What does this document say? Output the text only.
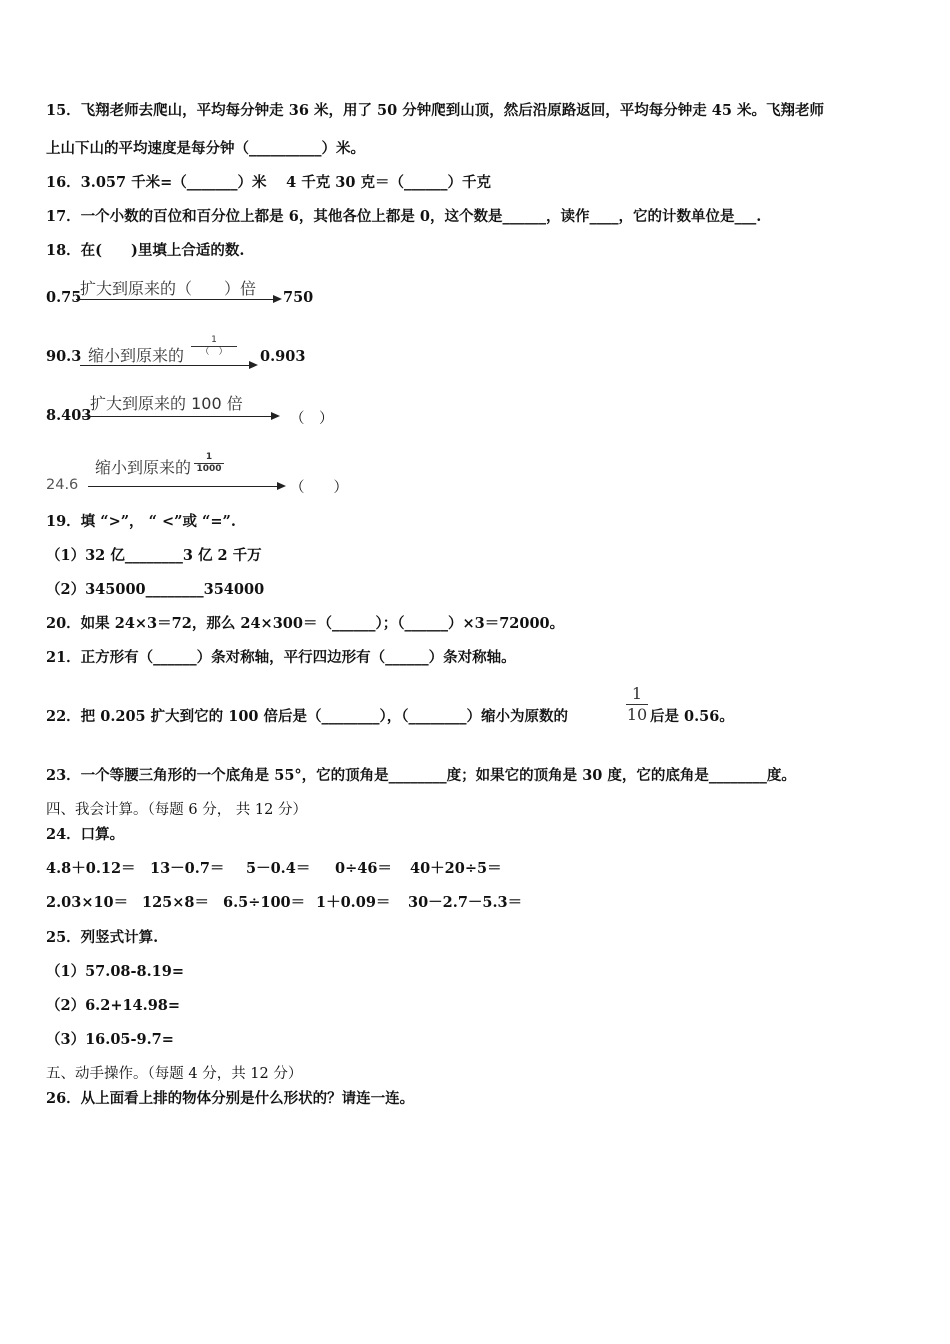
15．飞翔老师去爬山，平均每分钟走 36 米，用了 50 分钟爬到山顶，然后沿原路返回，平均每分钟走 45 米。飞翔老师
上山下山的平均速度是每分钟（__________）米。
16．3.057 千米=（_______）米　 4 千克 30 克＝（______）千克
17．一个小数的百位和百分位上都是 6，其他各位上都是 0，这个数是______，读作____，它的计数单位是___.
18．在(　　)里填上合适的数.
0.75
扩大到原来的（　　）倍 750
90.3 缩小到原来的
1
（　）	0.903
8.403
扩大到原来的 100 倍
（　）
24.6
缩小到原来的 $\frac{1}{1000}$
（　　）
19．填 “>”， “ <”或 “=”.
（1）32 亿________3 亿 2 千万
（2）345000________354000
20．如果 24×3＝72，那么 24×300＝（______）；（______）×3＝72000。
21．正方形有（______）条对称轴，平行四边形有（______）条对称轴。
22．把 0.205 扩大到它的 100 倍后是（________），（________）缩小为原数的	$\frac{1}{10}$ 后是 0.56。
23．一个等腰三角形的一个底角是 55°，它的顶角是________度；如果它的顶角是 30 度，它的底角是________度。
四、我会计算。（每题 6 分， 共 12 分）
24．口算。
4.8＋0.12＝ 13－0.7＝ 5－0.4＝ 0÷46＝ 40＋20÷5＝
2.03×10＝ 125×8＝ 6.5÷100＝ 1＋0.09＝ 30－2.7－5.3＝
25．列竖式计算.
（1）57.08-8.19=
（2）6.2+14.98=
（3）16.05-9.7=
五、动手操作。（每题 4 分，共 12 分）
26．从上面看上排的物体分别是什么形状的？请连一连。
